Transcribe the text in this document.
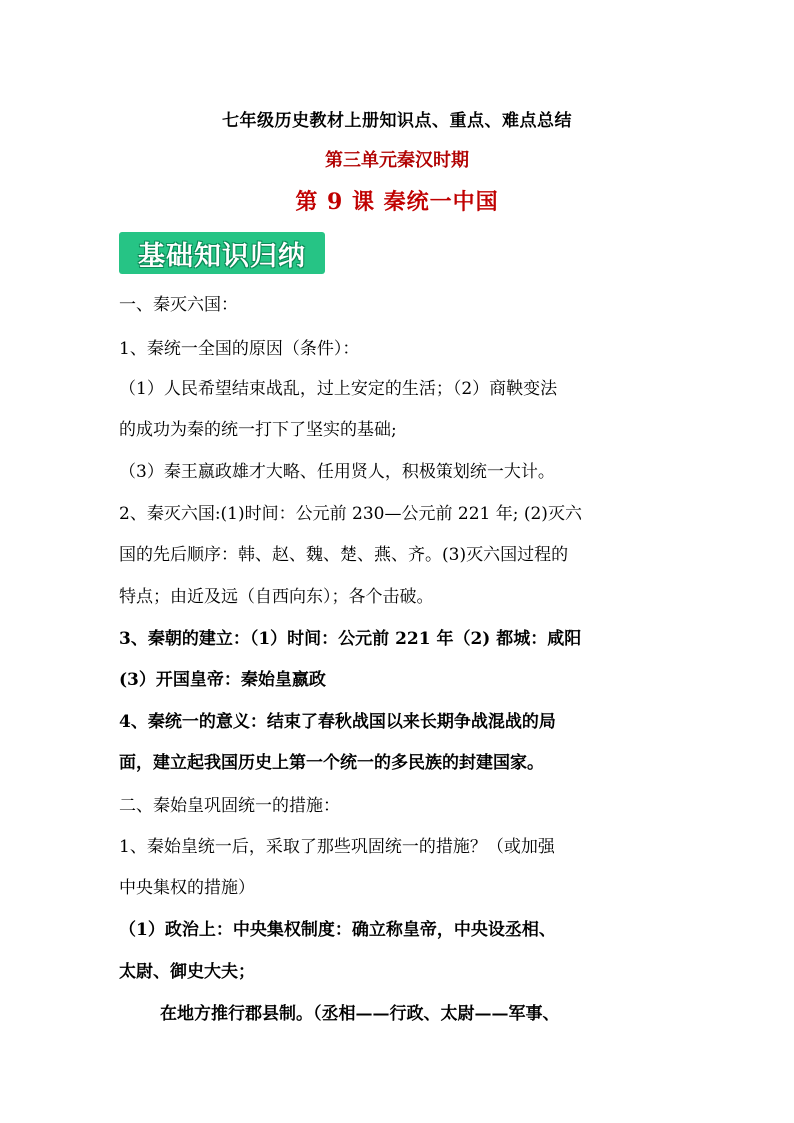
七年级历史教材上册知识点、重点、难点总结
第三单元秦汉时期
第 9 课 秦统一中国
基础知识归纳
一、秦灭六国：
1、秦统一全国的原因（条件）：
（1）人民希望结束战乱，过上安定的生活；（2）商鞅变法
的成功为秦的统一打下了坚实的基础;
（3）秦王嬴政雄才大略、任用贤人，积极策划统一大计。
2、秦灭六国:(1)时间：公元前 230—公元前 221 年; (2)灭六
国的先后顺序：韩、赵、魏、楚、燕、齐。(3)灭六国过程的
特点；由近及远（自西向东）；各个击破。
3、秦朝的建立：（1）时间：公元前 221 年（2) 都城：咸阳
(3）开国皇帝：秦始皇嬴政
4、秦统一的意义：结束了春秋战国以来长期争战混战的局
面，建立起我国历史上第一个统一的多民族的封建国家。
二、秦始皇巩固统一的措施：
1、秦始皇统一后，采取了那些巩固统一的措施？（或加强
中央集权的措施）
（1）政治上：中央集权制度：确立称皇帝，中央设丞相、
太尉、御史大夫；
在地方推行郡县制。（丞相——行政、太尉——军事、
